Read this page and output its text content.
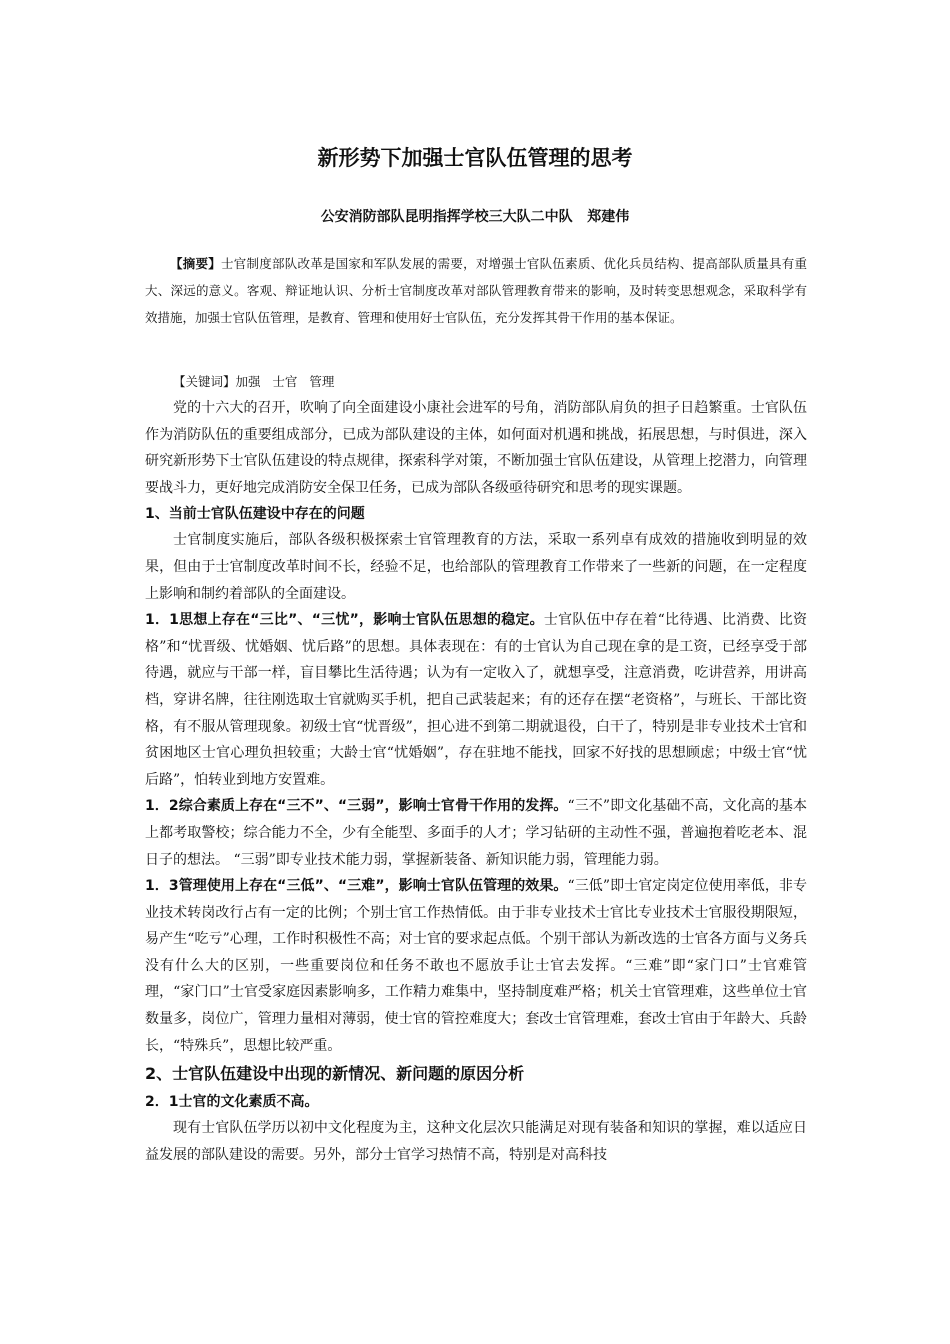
新形势下加强士官队伍管理的思考

公安消防部队昆明指挥学校三大队二中队   郑建伟

【摘要】士官制度部队改革是国家和军队发展的需要，对增强士官队伍素质、优化兵员结构、提高部队质量具有重大、深远的意义。客观、辩证地认识、分析士官制度改革对部队管理教育带来的影响，及时转变思想观念，采取科学有效措施，加强士官队伍管理，是教育、管理和使用好士官队伍，充分发挥其骨干作用的基本保证。

【关键词】加强   士官   管理

党的十六大的召开，吹响了向全面建设小康社会进军的号角，消防部队肩负的担子日趋繁重。士官队伍作为消防队伍的重要组成部分，已成为部队建设的主体，如何面对机遇和挑战，拓展思想，与时俱进，深入研究新形势下士官队伍建设的特点规律，探索科学对策，不断加强士官队伍建设，从管理上挖潜力，向管理要战斗力，更好地完成消防安全保卫任务，已成为部队各级亟待研究和思考的现实课题。

1、当前士官队伍建设中存在的问题

士官制度实施后，部队各级积极探索士官管理教育的方法，采取一系列卓有成效的措施收到明显的效果，但由于士官制度改革时间不长，经验不足，也给部队的管理教育工作带来了一些新的问题，在一定程度上影响和制约着部队的全面建设。

1．1思想上存在“三比”、“三忧”，影响士官队伍思想的稳定。士官队伍中存在着“比待遇、比消费、比资格”和“忧晋级、忧婚姻、忧后路”的思想。具体表现在：有的士官认为自己现在拿的是工资，已经享受于部待遇，就应与干部一样，盲目攀比生活待遇；认为有一定收入了，就想享受，注意消费，吃讲营养，用讲高档，穿讲名牌，往往刚选取士官就购买手机，把自己武装起来；有的还存在摆“老资格”，与班长、干部比资格，有不服从管理现象。初级士官“忧晋级”，担心进不到第二期就退役，白干了，特别是非专业技术士官和贫困地区士官心理负担较重；大龄士官“忧婚姻”，存在驻地不能找，回家不好找的思想顾虑；中级士官“忧后路”，怕转业到地方安置难。

1．2综合素质上存在“三不”、“三弱”，影响士官骨干作用的发挥。“三不”即文化基础不高，文化高的基本上都考取警校；综合能力不全，少有全能型、多面手的人才；学习钻研的主动性不强，普遍抱着吃老本、混日子的想法。 “三弱”即专业技术能力弱，掌握新装备、新知识能力弱，管理能力弱。

1．3管理使用上存在“三低”、“三难”，影响士官队伍管理的效果。“三低”即士官定岗定位使用率低，非专业技术转岗改行占有一定的比例；个别士官工作热情低。由于非专业技术士官比专业技术士官服役期限短，易产生“吃亏”心理，工作时积极性不高；对士官的要求起点低。个别干部认为新改选的士官各方面与义务兵没有什么大的区别，一些重要岗位和任务不敢也不愿放手让士官去发挥。“三难”即“家门口”士官难管理，“家门口”士官受家庭因素影响多，工作精力难集中，坚持制度难严格；机关士官管理难，这些单位士官数量多，岗位广，管理力量相对薄弱，使士官的管控难度大；套改士官管理难，套改士官由于年龄大、兵龄长，“特殊兵”，思想比较严重。

2、士官队伍建设中出现的新情况、新问题的原因分析

2．1士官的文化素质不高。

现有士官队伍学历以初中文化程度为主，这种文化层次只能满足对现有装备和知识的掌握，难以适应日益发展的部队建设的需要。另外，部分士官学习热情不高，特别是对高科技
